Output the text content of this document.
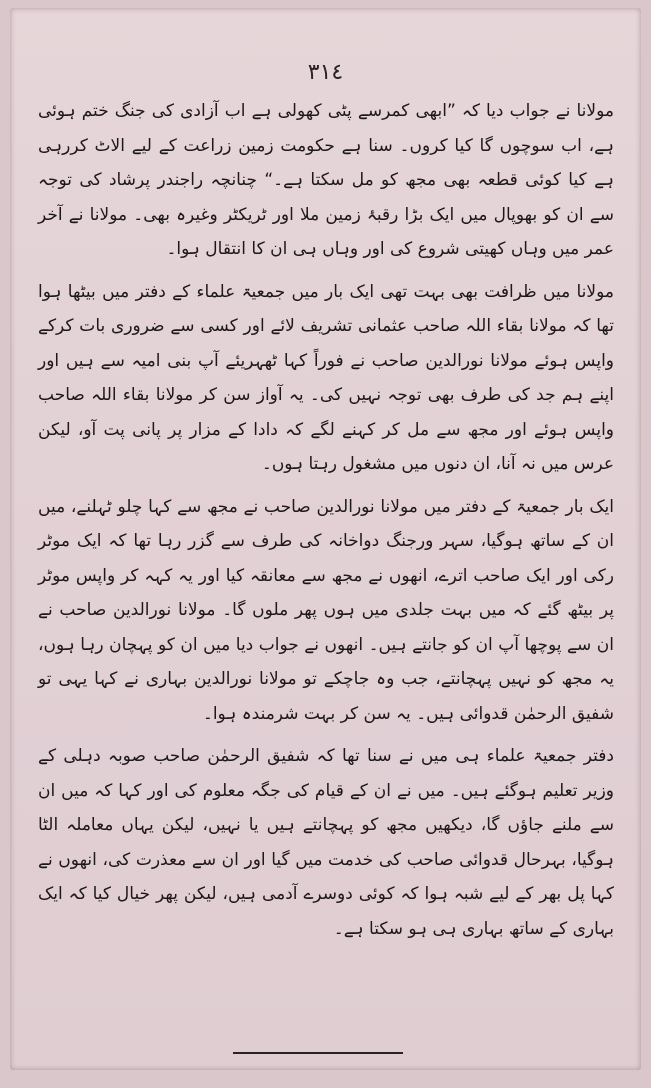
٣١٤

مولانا نے جواب دیا کہ ”ابھی کمرسے پٹی کھولی ہے اب آزادی کی جنگ ختم ہوئی ہے، اب سوچوں گا کیا کروں۔ سنا ہے حکومت زمین زراعت کے لیے الاٹ کررہی ہے کیا کوئی قطعہ بھی مجھ کو مل سکتا ہے۔“ چنانچہ راجندر پرشاد کی توجہ سے ان کو بھوپال میں ایک بڑا رقبۂ زمین ملا اور ٹریکٹر وغیرہ بھی۔ مولانا نے آخر عمر میں وہاں کھیتی شروع کی اور وہاں ہی ان کا انتقال ہوا۔

مولانا میں ظرافت بھی بہت تھی ایک بار میں جمعیۃ علماء کے دفتر میں بیٹھا ہوا تھا کہ مولانا بقاء اللہ صاحب عثمانی تشریف لائے اور کسی سے ضروری بات کرکے واپس ہوئے مولانا نورالدین صاحب نے فوراً کہا ٹھہریئے آپ بنی امیہ سے ہیں اور اپنے ہم جد کی طرف بھی توجہ نہیں کی۔ یہ آواز سن کر مولانا بقاء اللہ صاحب واپس ہوئے اور مجھ سے مل کر کہنے لگے کہ دادا کے مزار پر پانی پت آو، لیکن عرس میں نہ آنا، ان دنوں میں مشغول رہتا ہوں۔

ایک بار جمعیۃ کے دفتر میں مولانا نورالدین صاحب نے مجھ سے کہا چلو ٹہلنے، میں ان کے ساتھ ہوگیا، سہر ورجنگ دواخانہ کی طرف سے گزر رہا تھا کہ ایک موٹر رکی اور ایک صاحب اترے، انھوں نے مجھ سے معانقہ کیا اور یہ کہہ کر واپس موٹر پر بیٹھ گئے کہ میں بہت جلدی میں ہوں پھر ملوں گا۔ مولانا نورالدین صاحب نے ان سے پوچھا آپ ان کو جانتے ہیں۔ انھوں نے جواب دیا میں ان کو پہچان رہا ہوں، یہ مجھ کو نہیں پہچانتے، جب وہ جاچکے تو مولانا نورالدین بہاری نے کہا یہی تو شفیق الرحمٰن قدوائی ہیں۔ یہ سن کر بہت شرمندہ ہوا۔

دفتر جمعیۃ علماء ہی میں نے سنا تھا کہ شفیق الرحمٰن صاحب صوبہ دہلی کے وزیر تعلیم ہوگئے ہیں۔ میں نے ان کے قیام کی جگہ معلوم کی اور کہا کہ میں ان سے ملنے جاؤں گا، دیکھیں مجھ کو پہچانتے ہیں یا نہیں، لیکن یہاں معاملہ الٹا ہوگیا، بہرحال قدوائی صاحب کی خدمت میں گیا اور ان سے معذرت کی، انھوں نے کہا پل بھر کے لیے شبہ ہوا کہ کوئی دوسرے آدمی ہیں، لیکن پھر خیال کیا کہ ایک بہاری کے ساتھ بہاری ہی ہو سکتا ہے۔
